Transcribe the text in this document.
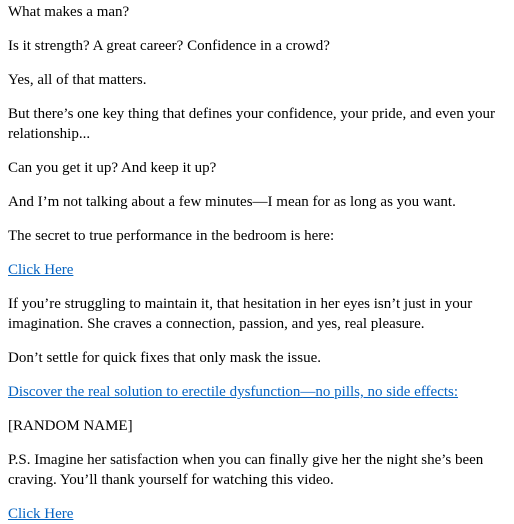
What makes a man?

Is it strength? A great career? Confidence in a crowd?

Yes, all of that matters.

But there’s one key thing that defines your confidence, your pride, and even your relationship...

Can you get it up? And keep it up?

And I’m not talking about a few minutes—I mean for as long as you want.

The secret to true performance in the bedroom is here:

Click Here

If you’re struggling to maintain it, that hesitation in her eyes isn’t just in your imagination. She craves a connection, passion, and yes, real pleasure.

Don’t settle for quick fixes that only mask the issue.

Discover the real solution to erectile dysfunction—no pills, no side effects:

[RANDOM NAME]

P.S. Imagine her satisfaction when you can finally give her the night she’s been craving. You’ll thank yourself for watching this video.

Click Here
